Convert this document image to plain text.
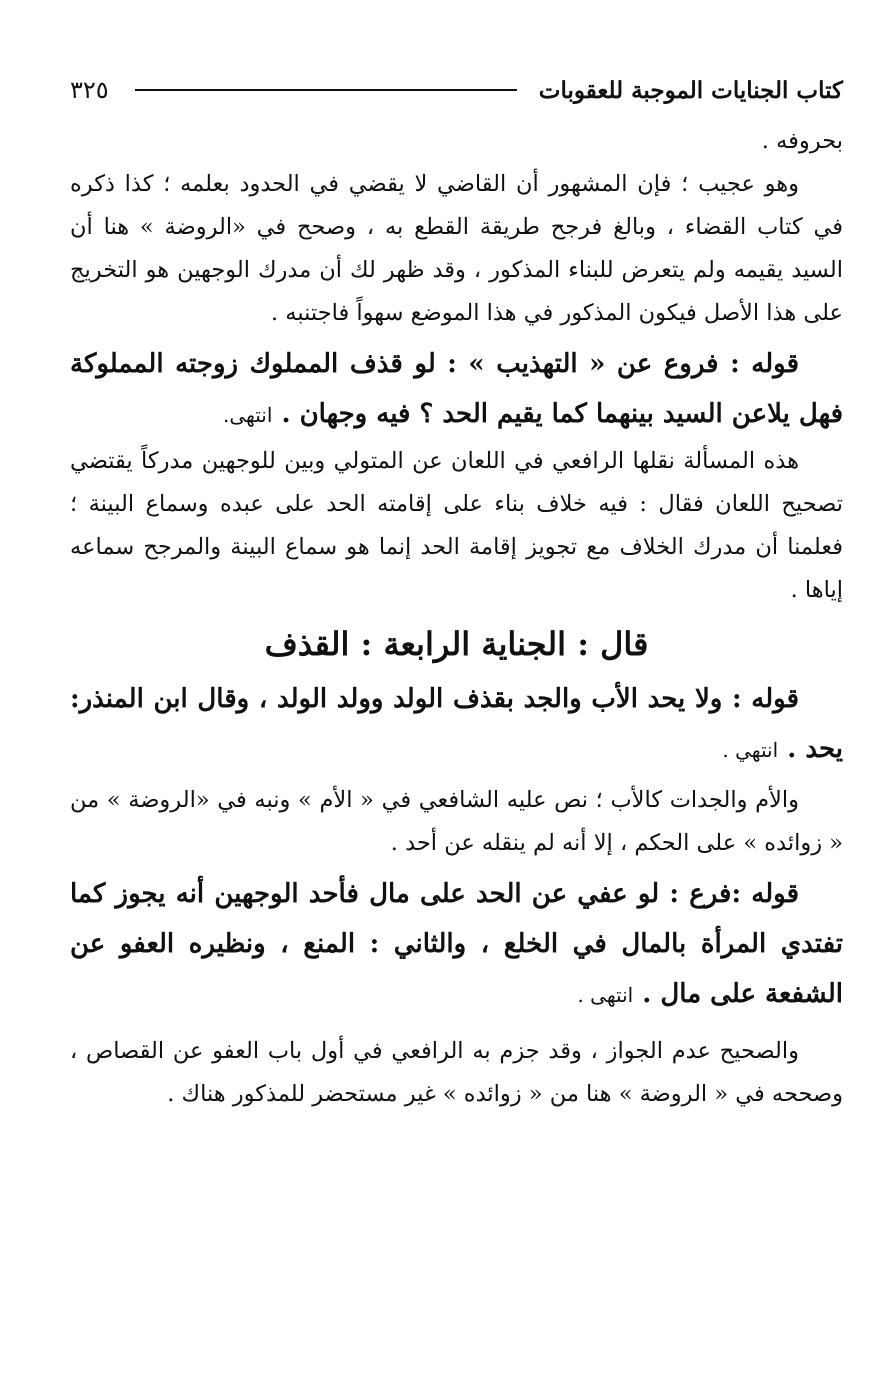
كتاب الجنايات الموجبة للعقوبات
٣٢٥

بحروفه .

وهو عجيب ؛ فإن المشهور أن القاضي لا يقضي في الحدود بعلمه ؛ كذا ذكره في كتاب القضاء ، وبالغ فرجح طريقة القطع به ، وصحح في «الروضة » هنا أن السيد يقيمه ولم يتعرض للبناء المذكور ، وقد ظهر لك أن مدرك الوجهين هو التخريج على هذا الأصل فيكون المذكور في هذا الموضع سهواً فاجتنبه .

قوله : فروع عن « التهذيب » : لو قذف المملوك زوجته المملوكة فهل يلاعن السيد بينهما كما يقيم الحد ؟ فيه وجهان . انتهى.

هذه المسألة نقلها الرافعي في اللعان عن المتولي وبين للوجهين مدركاً يقتضي تصحيح اللعان فقال : فيه خلاف بناء على إقامته الحد على عبده وسماع البينة ؛ فعلمنا أن مدرك الخلاف مع تجويز إقامة الحد إنما هو سماع البينة والمرجح سماعه إياها .

قال : الجناية الرابعة : القذف

قوله : ولا يحد الأب والجد بقذف الولد وولد الولد ، وقال ابن المنذر: يحد . انتهي .

والأم والجدات كالأب ؛ نص عليه الشافعي في « الأم » ونبه في «الروضة » من « زوائده » على الحكم ، إلا أنه لم ينقله عن أحد .

قوله :فرع : لو عفي عن الحد على مال فأحد الوجهين أنه يجوز كما تفتدي المرأة بالمال في الخلع ، والثاني : المنع ، ونظيره العفو عن الشفعة على مال . انتهى .

والصحيح عدم الجواز ، وقد جزم به الرافعي في أول باب العفو عن القصاص ، وصححه في « الروضة » هنا من « زوائده » غير مستحضر للمذكور هناك .
